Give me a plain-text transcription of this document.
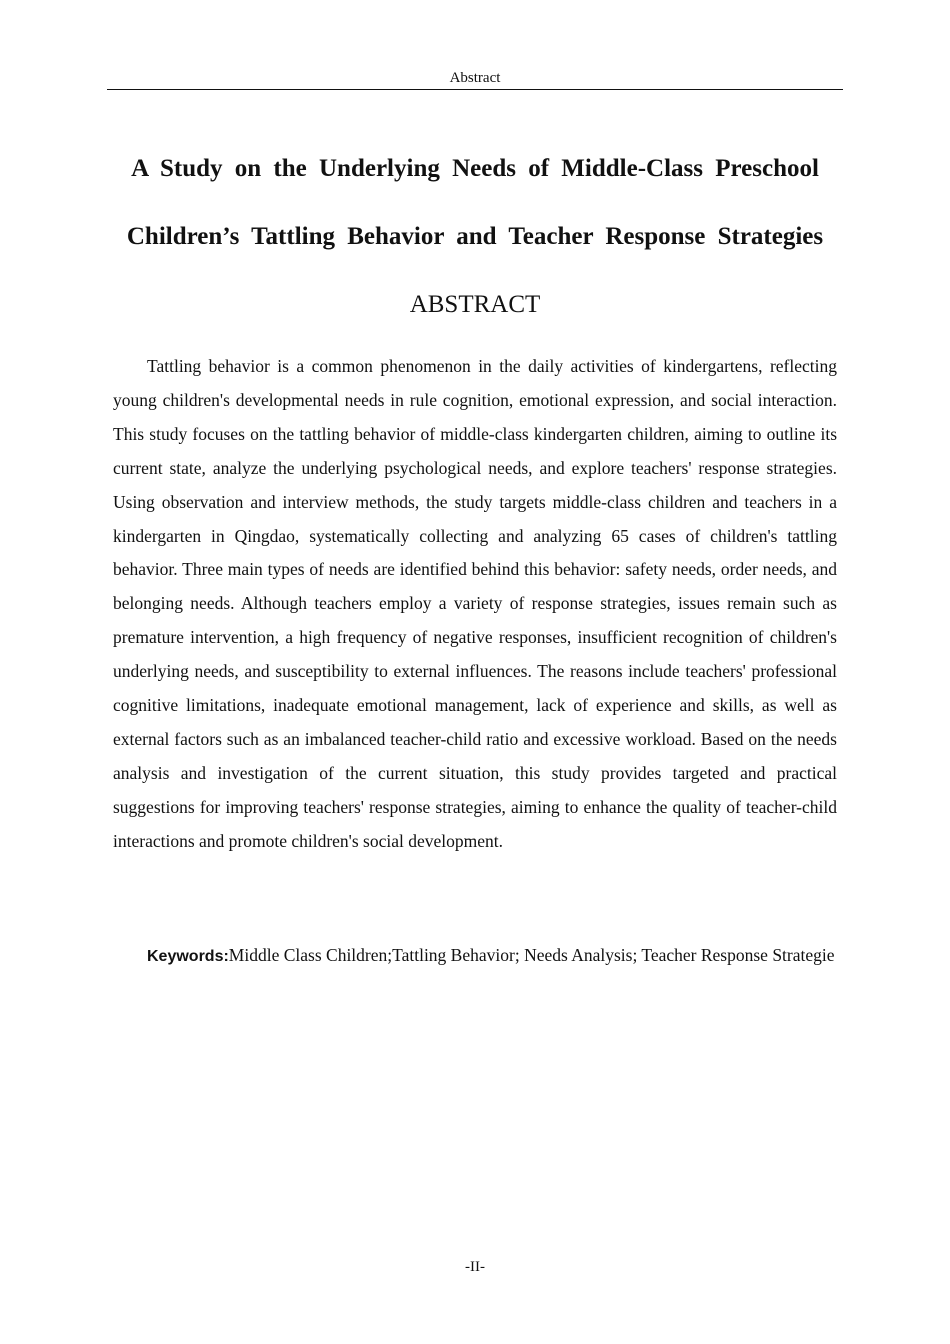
Abstract
A Study on the Underlying Needs of Middle-Class Preschool
Children’s Tattling Behavior and Teacher Response Strategies
ABSTRACT

Tattling behavior is a common phenomenon in the daily activities of kindergartens, reflecting young children's developmental needs in rule cognition, emotional expression, and social interaction. This study focuses on the tattling behavior of middle-class kindergarten children, aiming to outline its current state, analyze the underlying psychological needs, and explore teachers' response strategies. Using observation and interview methods, the study targets middle-class children and teachers in a kindergarten in Qingdao, systematically collecting and analyzing 65 cases of children's tattling behavior. Three main types of needs are identified behind this behavior: safety needs, order needs, and belonging needs. Although teachers employ a variety of response strategies, issues remain such as premature intervention, a high frequency of negative responses, insufficient recognition of children's underlying needs, and susceptibility to external influences. The reasons include teachers' professional cognitive limitations, inadequate emotional management, lack of experience and skills, as well as external factors such as an imbalanced teacher-child ratio and excessive workload. Based on the needs analysis and investigation of the current situation, this study provides targeted and practical suggestions for improving teachers' response strategies, aiming to enhance the quality of teacher-child interactions and promote children's social development.

Keywords:Middle Class Children;Tattling Behavior; Needs Analysis; Teacher Response Strategie

-II-
